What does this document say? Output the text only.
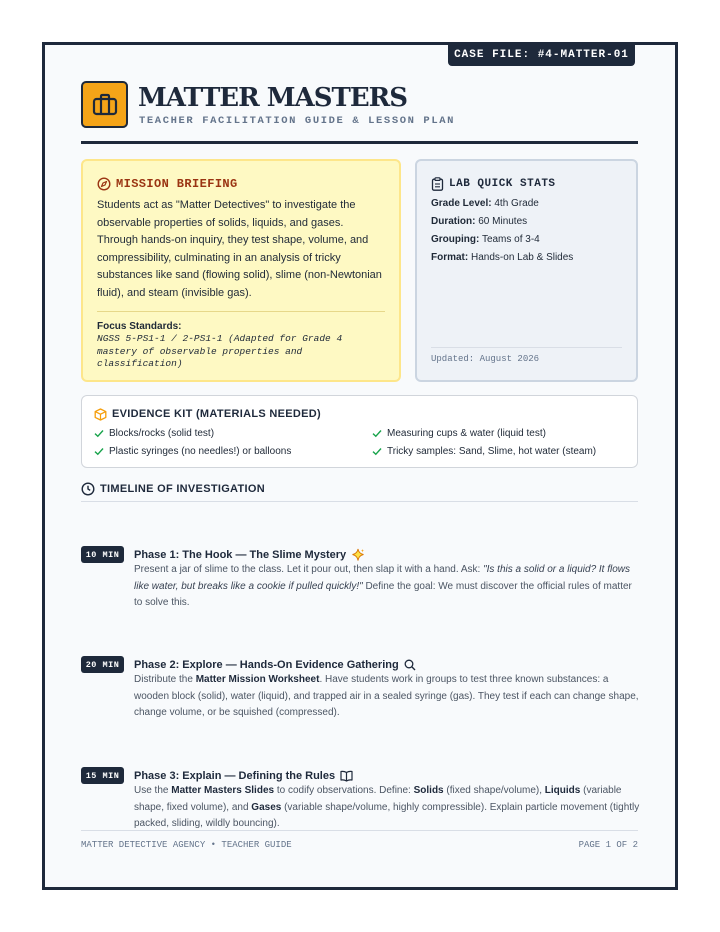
CASE FILE: #4-MATTER-01
MATTER MASTERS
TEACHER FACILITATION GUIDE & LESSON PLAN
MISSION BRIEFING
Students act as "Matter Detectives" to investigate the observable properties of solids, liquids, and gases. Through hands-on inquiry, they test shape, volume, and compressibility, culminating in an analysis of tricky substances like sand (flowing solid), slime (non-Newtonian fluid), and steam (invisible gas).
Focus Standards:
NGSS 5-PS1-1 / 2-PS1-1 (Adapted for Grade 4 mastery of observable properties and classification)
LAB QUICK STATS
Grade Level: 4th Grade
Duration: 60 Minutes
Grouping: Teams of 3-4
Format: Hands-on Lab & Slides
Updated: August 2026
EVIDENCE KIT (MATERIALS NEEDED)
Blocks/rocks (solid test)	Measuring cups & water (liquid test)
Plastic syringes (no needles!) or balloons	Tricky samples: Sand, Slime, hot water (steam)
TIMELINE OF INVESTIGATION
10 MIN	Phase 1: The Hook — The Slime Mystery
Present a jar of slime to the class. Let it pour out, then slap it with a hand. Ask: "Is this a solid or a liquid? It flows like water, but breaks like a cookie if pulled quickly!" Define the goal: We must discover the official rules of matter to solve this.
20 MIN	Phase 2: Explore — Hands-On Evidence Gathering
Distribute the Matter Mission Worksheet. Have students work in groups to test three known substances: a wooden block (solid), water (liquid), and trapped air in a sealed syringe (gas). They test if each can change shape, change volume, or be squished (compressed).
15 MIN	Phase 3: Explain — Defining the Rules
Use the Matter Masters Slides to codify observations. Define: Solids (fixed shape/volume), Liquids (variable shape, fixed volume), and Gases (variable shape/volume, highly compressible). Explain particle movement (tightly packed, sliding, wildly bouncing).
MATTER DETECTIVE AGENCY • TEACHER GUIDE	PAGE 1 OF 2
